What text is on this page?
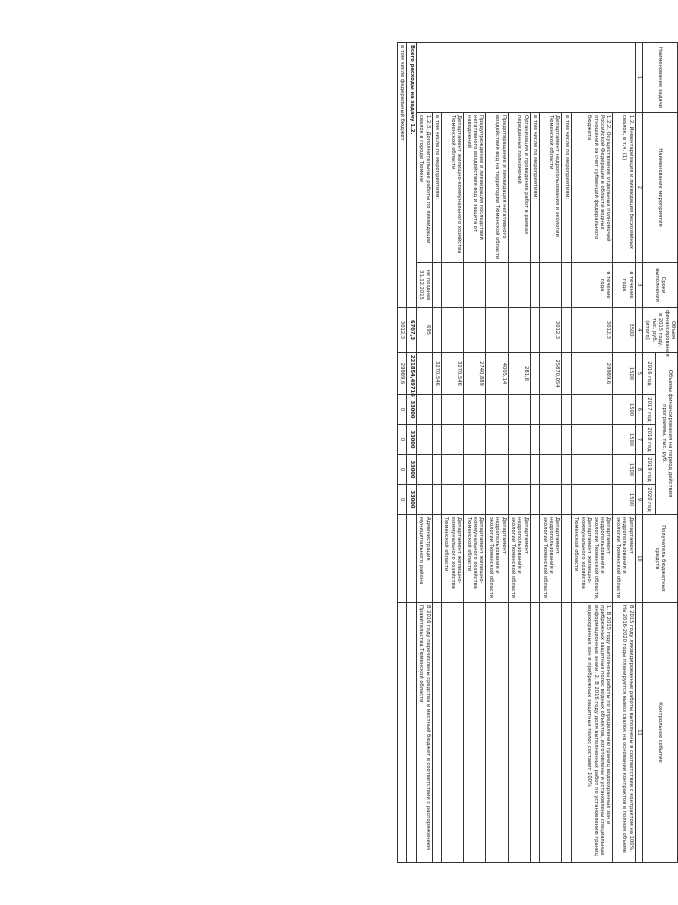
Наименование задачи	Наименование мероприятия	Сроки выполнения	Объем финансирования в 2015 году, тыс. руб. (итого)	Объемы финансирования на период действия программы, тыс. руб.					Получатель бюджетных средств	Контрольное событие
				2016 год	2017 год	2018 год	2019 год	2020 год		
1	2	3	4	5	6	7	8	9	10	11
	1.2. Инвентаризация и ликвидация бесхозяйных свалок, в т.ч. (1)	в течение года	3500	1500	1500	1500	1500	1500	Департамент недропользования и экологии Тюменской области	В 2015 году ликвидированные работы выполнены в соответствии с контрактом на 100%. На 2016-2020 годы планируется вывоз свалок на основании контрактов в полном объеме
	1.2.2. Осуществление отдельных полномочий Российской Федерации в области водных отношений за счет субвенций федерального бюджета	в течение года	3012,3	29989,6					Департамент недропользования и экологии Тюменской области, Департамент жилищно-коммунального хозяйства Тюменской области	1. В 2015 году выполнены работы по определению границ водоохранных зон и прибрежных защитных полос водных объектов, изготовлены и установлены специальные информационные знаки. 2. В 2016 году доля выполненных работ по установлению границ водоохранных зон и прибрежных защитных полос составит 100%
	в том числе по мероприятиям:									
	Департамент недропользования и экологии Тюменской области		3012,3	25870,054					Департамент недропользования и экологии Тюменской области	
	в том числе по мероприятиям:									
	Организация и проведение работ в рамках переданных полномочий			281,8					Департамент недропользования и экологии Тюменской области	
	Предотвращение и ликвидация негативного воздействия вод на территории Тюменской области			4005,14					Департамент недропользования и экологии Тюменской области	
	Предупреждение и ликвидация последствий негативного воздействия вод и защита от наводнений			2740,889					Департамент жилищно-коммунального хозяйства Тюменской области	
	Департамент жилищно-коммунального хозяйства Тюменской области			3270,546					Департамент жилищно-коммунального хозяйства Тюменской области	
	в том числе по мероприятиям:			3270,546						
	1.2.3. Дополнительные работы по ликвидации свалок в городе Тюмени	не позднее 31.12.2015	695						Администрация муниципального района	В 2016 году перечислены средства в местный бюджет в соответствии с распоряжением Правительства Тюменской области
Всего расходы на задачу 1.2.			6707,3	221854,49716	33000	33000	33000	33000		
в том числе федеральный бюджет			3012,3	29989,6	0	0	0	0		
